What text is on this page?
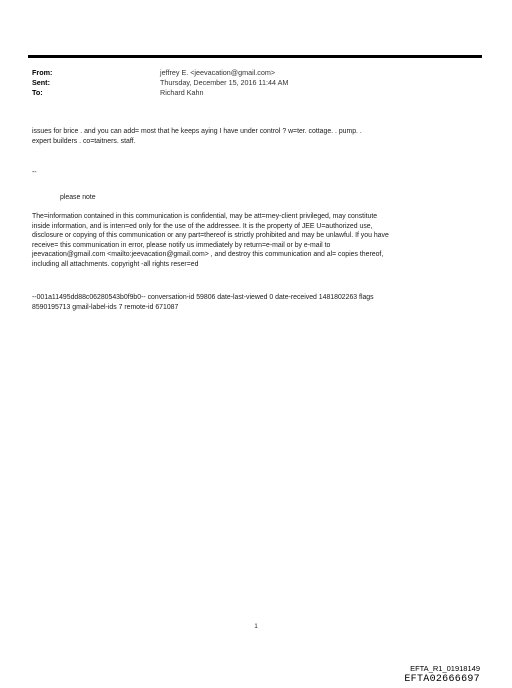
From:	jeffrey E. <jeevacation@gmail.com>
Sent:	Thursday, December 15, 2016 11:44 AM
To:	Richard Kahn
issues for brice . and you can add= most that he keeps aying I have under control ? w=ter. cottage. . pump. .
expert builders . co=taitners. staff.
--
please note
The=information contained in this communication is confidential, may be att=rney-client privileged, may constitute
inside information, and is inten=ed only for the use of the addressee. It is the property of JEE U=authorized use,
disclosure or copying of this communication or any part=thereof is strictly prohibited and may be unlawful. If you have
receive= this communication in error, please notify us immediately by return=e-mail or by e-mail to
jeevacation@gmail.com <mailto:jeevacation@gmail.com> , and destroy this communication and al= copies thereof,
including all attachments. copyright -all rights reser=ed
--001a11495dd88c06280543b0f9b0-- conversation-id 59806 date-last-viewed 0 date-received 1481802263 flags
8590195713 gmail-label-ids 7 remote-id 671087
1
EFTA_R1_01918149
EFTA02666697
